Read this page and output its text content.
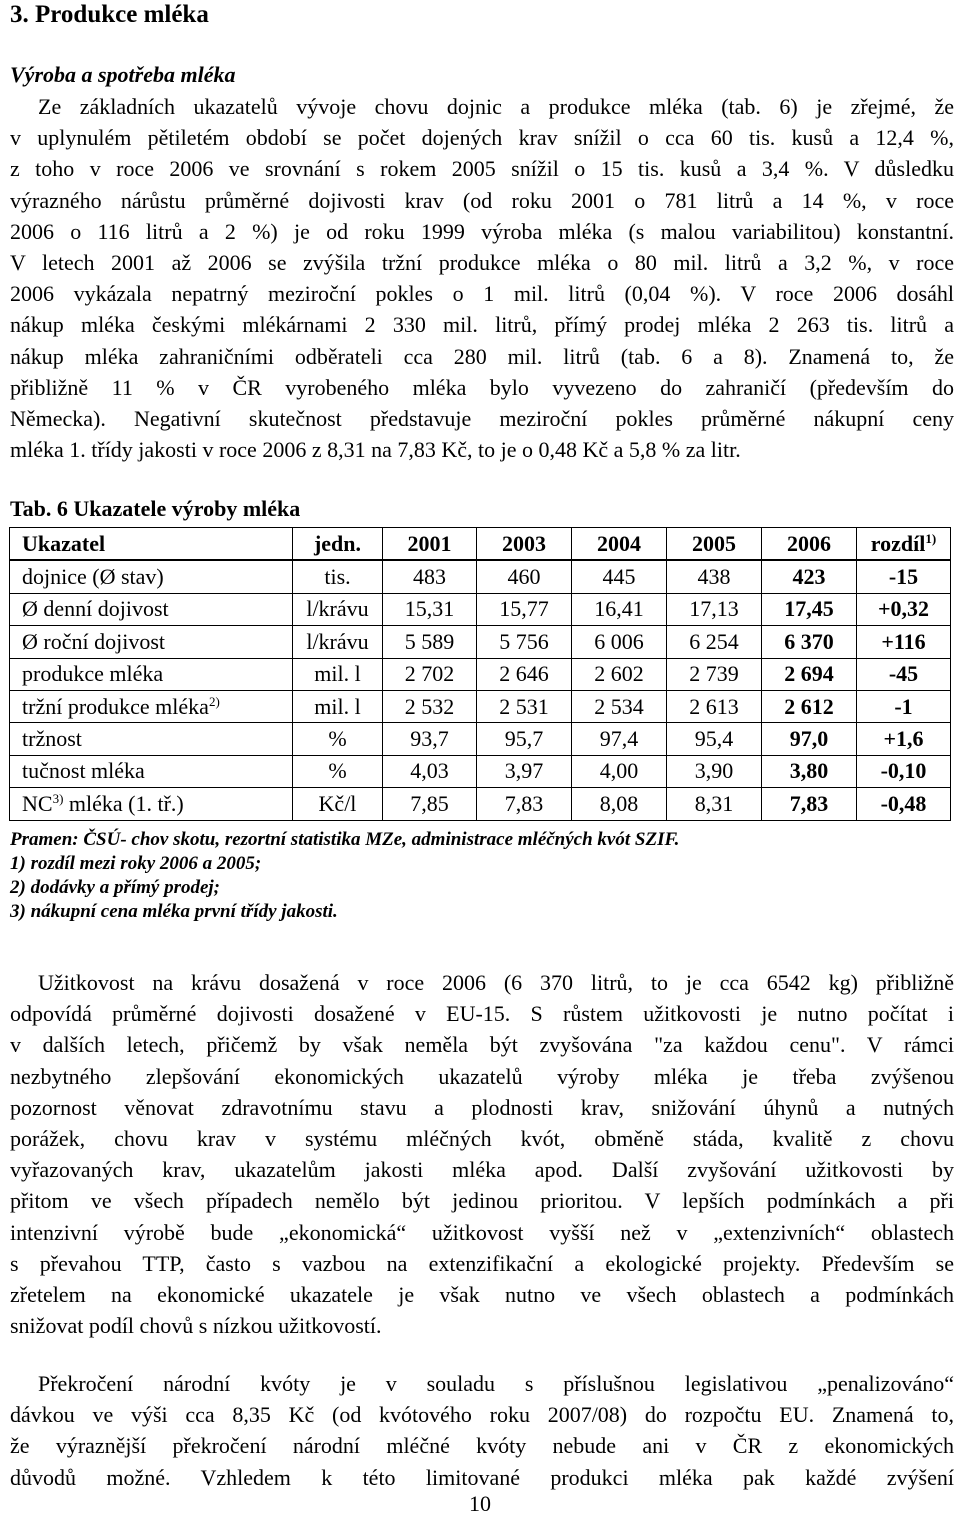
3. Produkce mléka
Výroba a spotřeba mléka
Ze základních ukazatelů vývoje chovu dojnic a produkce mléka (tab. 6) je zřejmé, že
v uplynulém pětiletém období se počet dojených krav snížil o cca 60 tis. kusů a 12,4 %,
z toho v roce 2006 ve srovnání s rokem 2005 snížil o 15 tis. kusů a 3,4 %. V důsledku
výrazného nárůstu průměrné dojivosti krav (od roku 2001 o 781 litrů a 14 %, v roce
2006 o 116 litrů a 2 %) je od roku 1999 výroba mléka (s malou variabilitou) konstantní.
V letech 2001 až 2006 se zvýšila tržní produkce mléka o 80 mil. litrů a 3,2 %, v roce
2006 vykázala nepatrný meziroční pokles o 1 mil. litrů (0,04 %). V roce 2006 dosáhl
nákup mléka českými mlékárnami 2 330 mil. litrů, přímý prodej mléka 2 263 tis. litrů a
nákup mléka zahraničními odběrateli cca 280 mil. litrů (tab. 6 a 8). Znamená to, že
přibližně 11 % v ČR vyrobeného mléka bylo vyvezeno do zahraničí (především do
Německa). Negativní skutečnost představuje meziroční pokles průměrné nákupní ceny
mléka 1. třídy jakosti v roce 2006 z 8,31 na 7,83 Kč, to je o 0,48 Kč a 5,8 % za litr.
Tab. 6 Ukazatele výroby mléka
Ukazatel	jedn.	2001	2003	2004	2005	2006	rozdíl$^{1)}$
dojnice (Ø stav)	tis.	483	460	445	438	423	-15
Ø denní dojivost	l/krávu	15,31	15,77	16,41	17,13	17,45	+0,32
Ø roční dojivost	l/krávu	5 589	5 756	6 006	6 254	6 370	+116
produkce mléka	mil. l	2 702	2 646	2 602	2 739	2 694	-45
tržní produkce mléka$^{2)}$	mil. l	2 532	2 531	2 534	2 613	2 612	-1
tržnost	%	93,7	95,7	97,4	95,4	97,0	+1,6
tučnost mléka	%	4,03	3,97	4,00	3,90	3,80	-0,10
NC$^{3)}$ mléka (1. tř.)	Kč/l	7,85	7,83	8,08	8,31	7,83	-0,48
Pramen: ČSÚ- chov skotu, rezortní statistika MZe, administrace mléčných kvót SZIF.
1) rozdíl mezi roky 2006 a 2005;
2) dodávky a přímý prodej;
3) nákupní cena mléka první třídy jakosti.
Užitkovost na krávu dosažená v roce 2006 (6 370 litrů, to je cca 6542 kg) přibližně
odpovídá průměrné dojivosti dosažené v EU-15. S růstem užitkovosti je nutno počítat i
v dalších letech, přičemž by však neměla být zvyšována "za každou cenu". V rámci
nezbytného zlepšování ekonomických ukazatelů výroby mléka je třeba zvýšenou
pozornost věnovat zdravotnímu stavu a plodnosti krav, snižování úhynů a nutných
porážek, chovu krav v systému mléčných kvót, obměně stáda, kvalitě z chovu
vyřazovaných krav, ukazatelům jakosti mléka apod. Další zvyšování užitkovosti by
přitom ve všech případech nemělo být jedinou prioritou. V lepších podmínkách a při
intenzivní výrobě bude „ekonomická“ užitkovost vyšší než v „extenzivních“ oblastech
s převahou TTP, často s vazbou na extenzifikační a ekologické projekty. Především se
zřetelem na ekonomické ukazatele je však nutno ve všech oblastech a podmínkách
snižovat podíl chovů s nízkou užitkovostí.
Překročení národní kvóty je v souladu s příslušnou legislativou „penalizováno“
dávkou ve výši cca 8,35 Kč (od kvótového roku 2007/08) do rozpočtu EU. Znamená to,
že výraznější překročení národní mléčné kvóty nebude ani v ČR z ekonomických
důvodů možné. Vzhledem k této limitované produkci mléka pak každé zvýšení
10
